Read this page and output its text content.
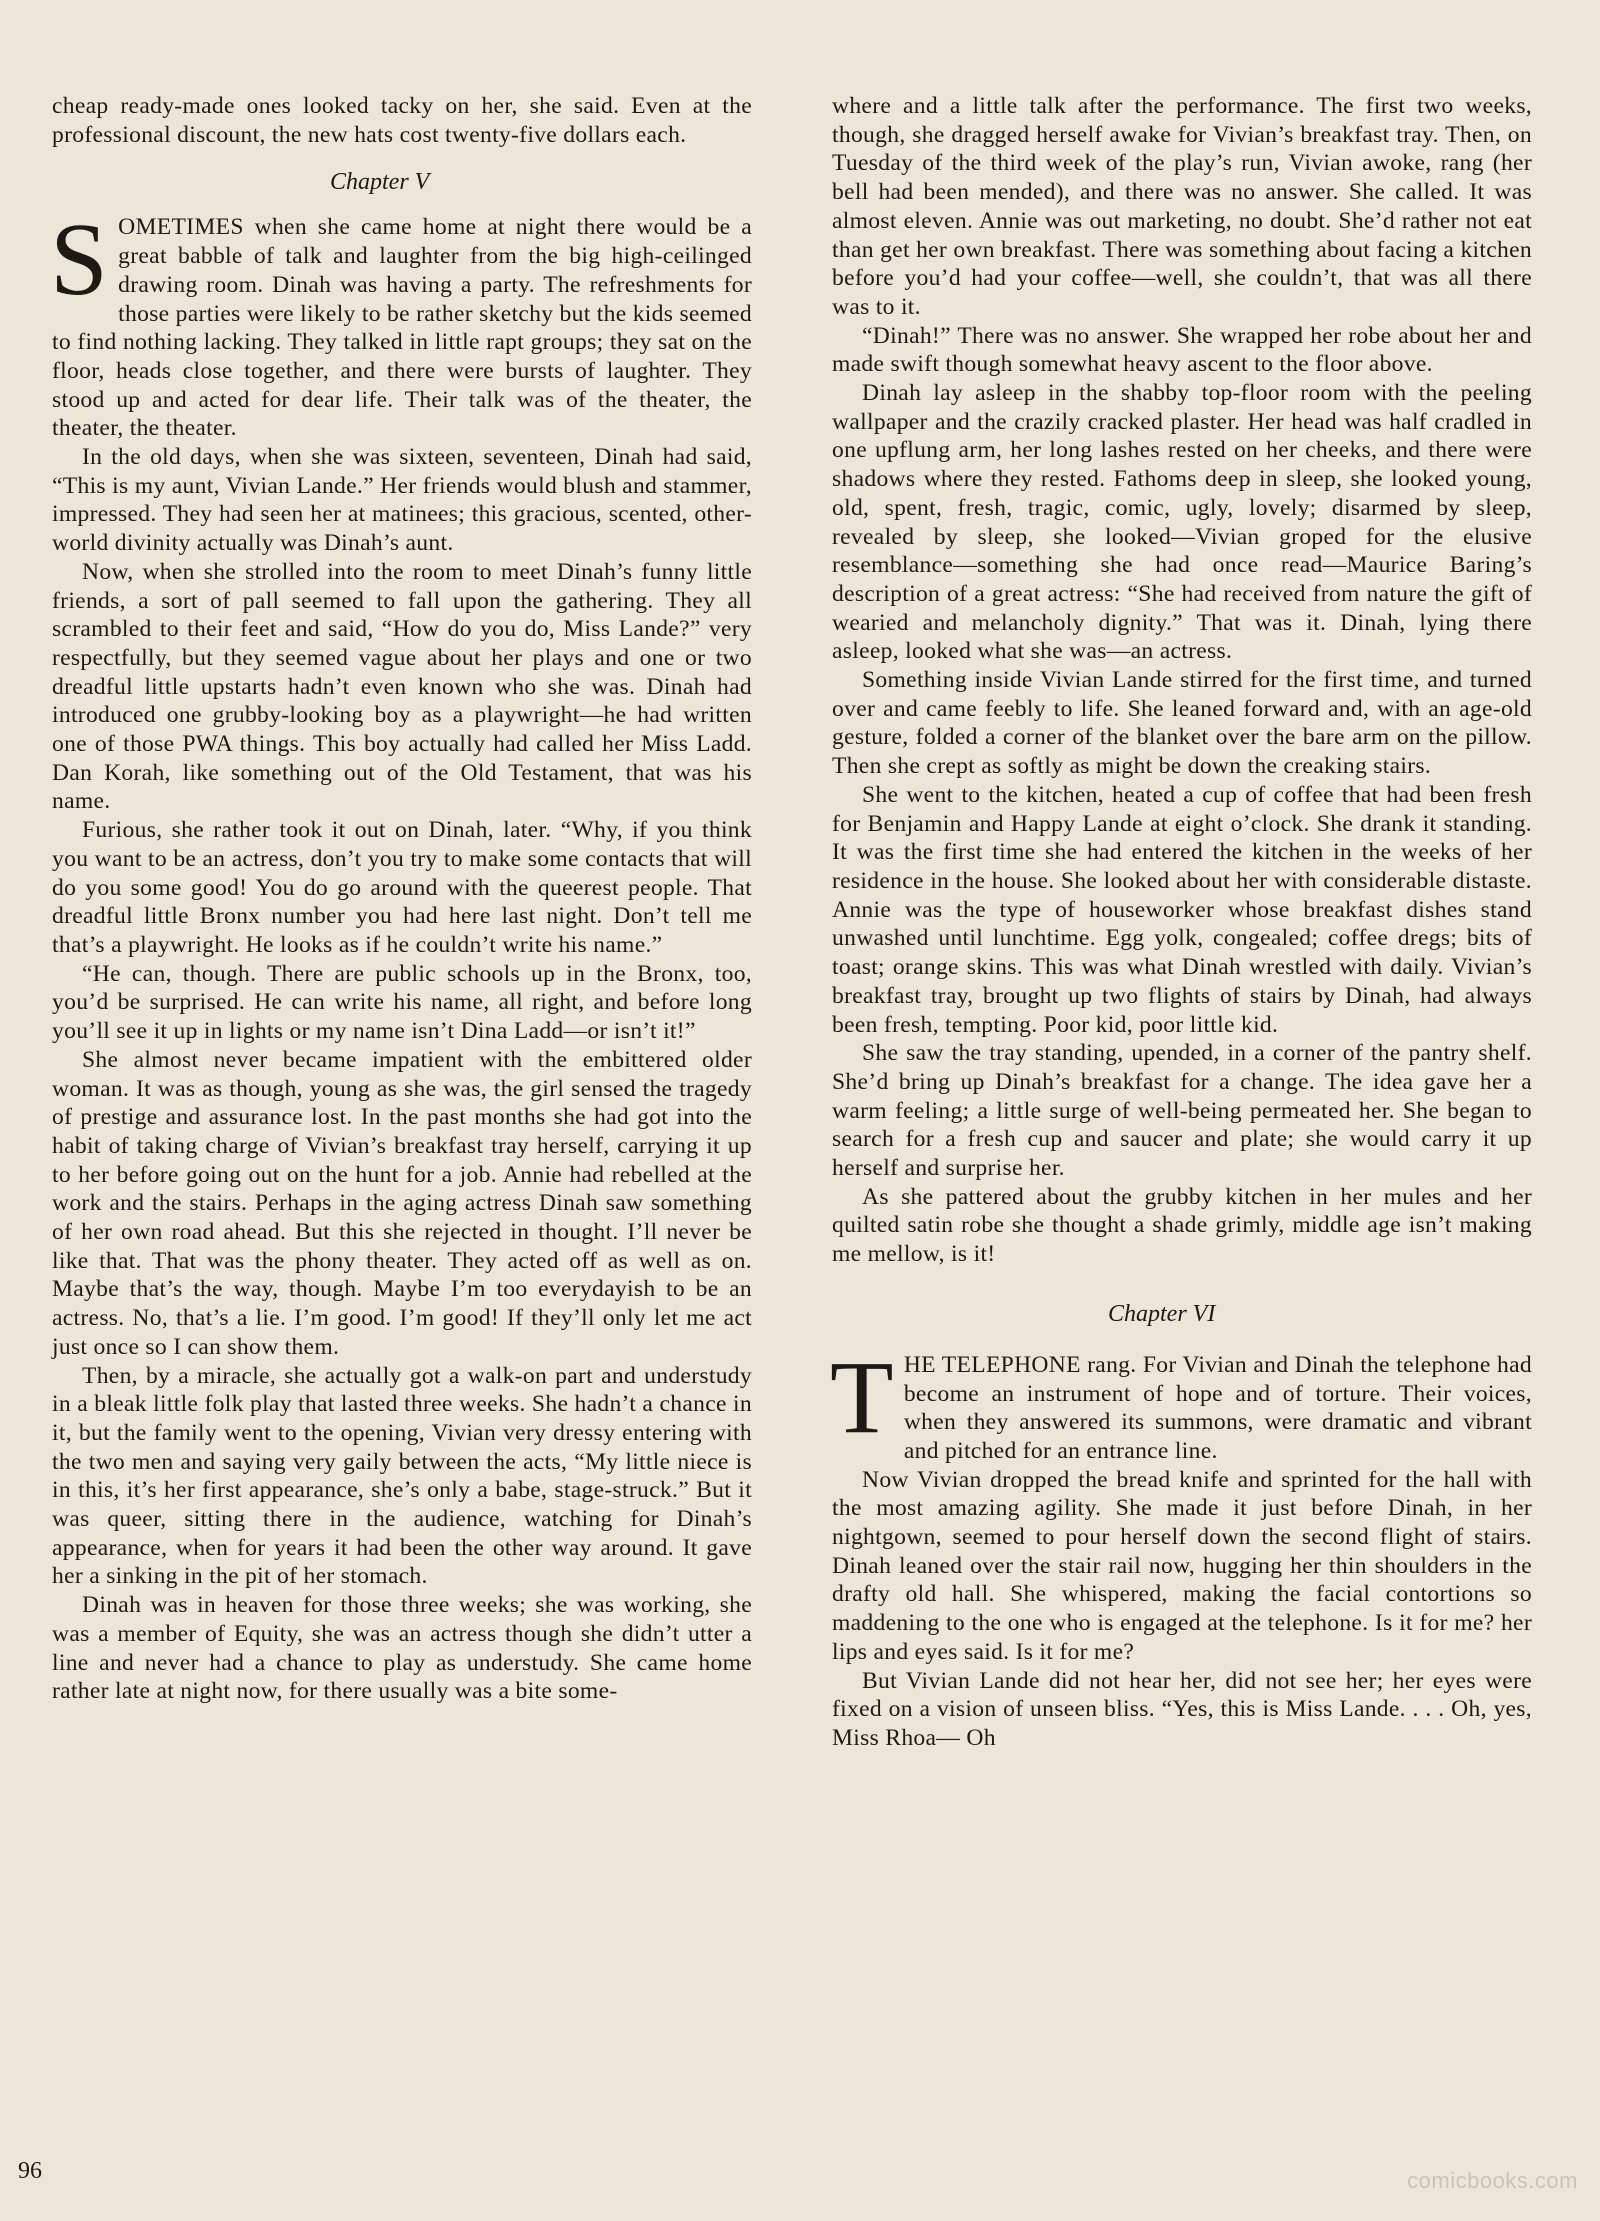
cheap ready-made ones looked tacky on her, she said. Even at the professional discount, the new hats cost twenty-five dollars each.

Chapter V

SOMETIMES when she came home at night there would be a great babble of talk and laughter from the big high-ceilinged drawing room. Dinah was having a party. The refreshments for those parties were likely to be rather sketchy but the kids seemed to find nothing lacking. They talked in little rapt groups; they sat on the floor, heads close together, and there were bursts of laughter. They stood up and acted for dear life. Their talk was of the theater, the theater, the theater.

In the old days, when she was sixteen, seventeen, Dinah had said, “This is my aunt, Vivian Lande.” Her friends would blush and stammer, impressed. They had seen her at matinees; this gracious, scented, other-world divinity actually was Dinah’s aunt.

Now, when she strolled into the room to meet Dinah’s funny little friends, a sort of pall seemed to fall upon the gathering. They all scrambled to their feet and said, “How do you do, Miss Lande?” very respectfully, but they seemed vague about her plays and one or two dreadful little upstarts hadn’t even known who she was. Dinah had introduced one grubby-looking boy as a playwright—he had written one of those PWA things. This boy actually had called her Miss Ladd. Dan Korah, like something out of the Old Testament, that was his name.

Furious, she rather took it out on Dinah, later. “Why, if you think you want to be an actress, don’t you try to make some contacts that will do you some good! You do go around with the queerest people. That dreadful little Bronx number you had here last night. Don’t tell me that’s a playwright. He looks as if he couldn’t write his name.”

“He can, though. There are public schools up in the Bronx, too, you’d be surprised. He can write his name, all right, and before long you’ll see it up in lights or my name isn’t Dina Ladd—or isn’t it!”

She almost never became impatient with the embittered older woman. It was as though, young as she was, the girl sensed the tragedy of prestige and assurance lost. In the past months she had got into the habit of taking charge of Vivian’s breakfast tray herself, carrying it up to her before going out on the hunt for a job. Annie had rebelled at the work and the stairs. Perhaps in the aging actress Dinah saw something of her own road ahead. But this she rejected in thought. I’ll never be like that. That was the phony theater. They acted off as well as on. Maybe that’s the way, though. Maybe I’m too everydayish to be an actress. No, that’s a lie. I’m good. I’m good! If they’ll only let me act just once so I can show them.

Then, by a miracle, she actually got a walk-on part and understudy in a bleak little folk play that lasted three weeks. She hadn’t a chance in it, but the family went to the opening, Vivian very dressy entering with the two men and saying very gaily between the acts, “My little niece is in this, it’s her first appearance, she’s only a babe, stage-struck.” But it was queer, sitting there in the audience, watching for Dinah’s appearance, when for years it had been the other way around. It gave her a sinking in the pit of her stomach.

Dinah was in heaven for those three weeks; she was working, she was a member of Equity, she was an actress though she didn’t utter a line and never had a chance to play as understudy. She came home rather late at night now, for there usually was a bite some-

where and a little talk after the performance. The first two weeks, though, she dragged herself awake for Vivian’s breakfast tray. Then, on Tuesday of the third week of the play’s run, Vivian awoke, rang (her bell had been mended), and there was no answer. She called. It was almost eleven. Annie was out marketing, no doubt. She’d rather not eat than get her own breakfast. There was something about facing a kitchen before you’d had your coffee—well, she couldn’t, that was all there was to it.

“Dinah!” There was no answer. She wrapped her robe about her and made swift though somewhat heavy ascent to the floor above.

Dinah lay asleep in the shabby top-floor room with the peeling wallpaper and the crazily cracked plaster. Her head was half cradled in one upflung arm, her long lashes rested on her cheeks, and there were shadows where they rested. Fathoms deep in sleep, she looked young, old, spent, fresh, tragic, comic, ugly, lovely; disarmed by sleep, revealed by sleep, she looked—Vivian groped for the elusive resemblance—something she had once read—Maurice Baring’s description of a great actress: “She had received from nature the gift of wearied and melancholy dignity.” That was it. Dinah, lying there asleep, looked what she was—an actress.

Something inside Vivian Lande stirred for the first time, and turned over and came feebly to life. She leaned forward and, with an age-old gesture, folded a corner of the blanket over the bare arm on the pillow. Then she crept as softly as might be down the creaking stairs.

She went to the kitchen, heated a cup of coffee that had been fresh for Benjamin and Happy Lande at eight o’clock. She drank it standing. It was the first time she had entered the kitchen in the weeks of her residence in the house. She looked about her with considerable distaste. Annie was the type of houseworker whose breakfast dishes stand unwashed until lunchtime. Egg yolk, congealed; coffee dregs; bits of toast; orange skins. This was what Dinah wrestled with daily. Vivian’s breakfast tray, brought up two flights of stairs by Dinah, had always been fresh, tempting. Poor kid, poor little kid.

She saw the tray standing, upended, in a corner of the pantry shelf. She’d bring up Dinah’s breakfast for a change. The idea gave her a warm feeling; a little surge of well-being permeated her. She began to search for a fresh cup and saucer and plate; she would carry it up herself and surprise her.

As she pattered about the grubby kitchen in her mules and her quilted satin robe she thought a shade grimly, middle age isn’t making me mellow, is it!

Chapter VI

THE TELEPHONE rang. For Vivian and Dinah the telephone had become an instrument of hope and of torture. Their voices, when they answered its summons, were dramatic and vibrant and pitched for an entrance line.

Now Vivian dropped the bread knife and sprinted for the hall with the most amazing agility. She made it just before Dinah, in her nightgown, seemed to pour herself down the second flight of stairs. Dinah leaned over the stair rail now, hugging her thin shoulders in the drafty old hall. She whispered, making the facial contortions so maddening to the one who is engaged at the telephone. Is it for me? her lips and eyes said. Is it for me?

But Vivian Lande did not hear her, did not see her; her eyes were fixed on a vision of unseen bliss. “Yes, this is Miss Lande. . . . Oh, yes, Miss Rhoa— Oh

96	comicbooks.com
